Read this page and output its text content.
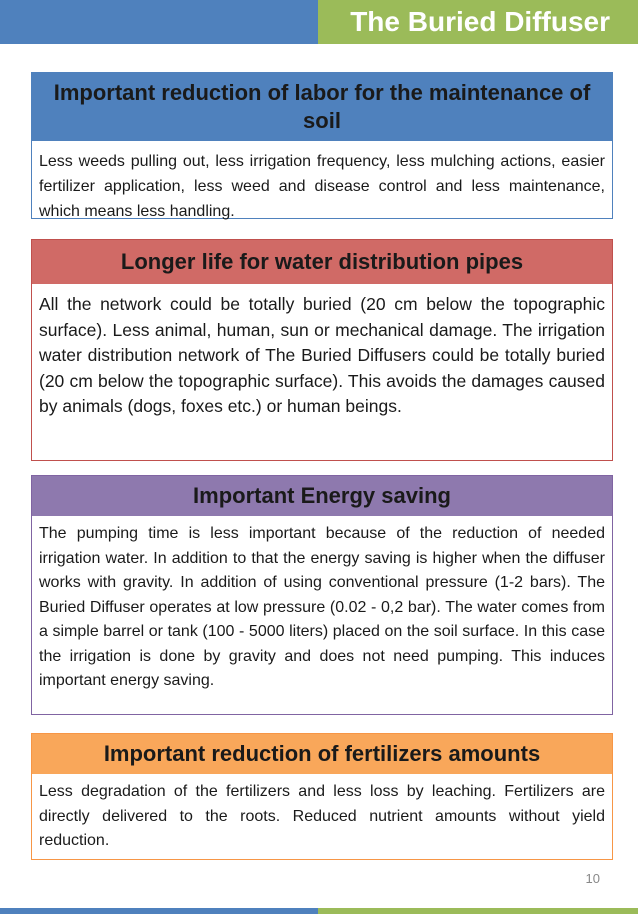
The Buried Diffuser
Important reduction of labor for the maintenance of soil
Less weeds pulling out, less irrigation frequency, less mulching actions, easier fertilizer application, less weed and disease control and less maintenance, which means less handling.
Longer life for water distribution pipes
All the network could be totally buried (20 cm below the topographic surface). Less animal, human, sun or mechanical damage. The irrigation water distribution network of The Buried Diffusers could be totally buried (20 cm below the topographic surface). This avoids the damages caused by animals (dogs, foxes etc.) or human beings.
Important Energy saving
The pumping time is less important because of the reduction of needed irrigation water. In addition to that the energy saving is higher when the diffuser works with gravity. In addition of using conventional pressure (1-2 bars). The Buried Diffuser operates at low pressure (0.02 - 0,2 bar). The water comes from a simple barrel or tank (100 - 5000 liters) placed on the soil surface. In this case the irrigation is done by gravity and does not need pumping. This induces important energy saving.
Important reduction of fertilizers amounts
Less degradation of the fertilizers and less loss by leaching. Fertilizers are directly delivered to the roots. Reduced nutrient amounts without yield reduction.
10
